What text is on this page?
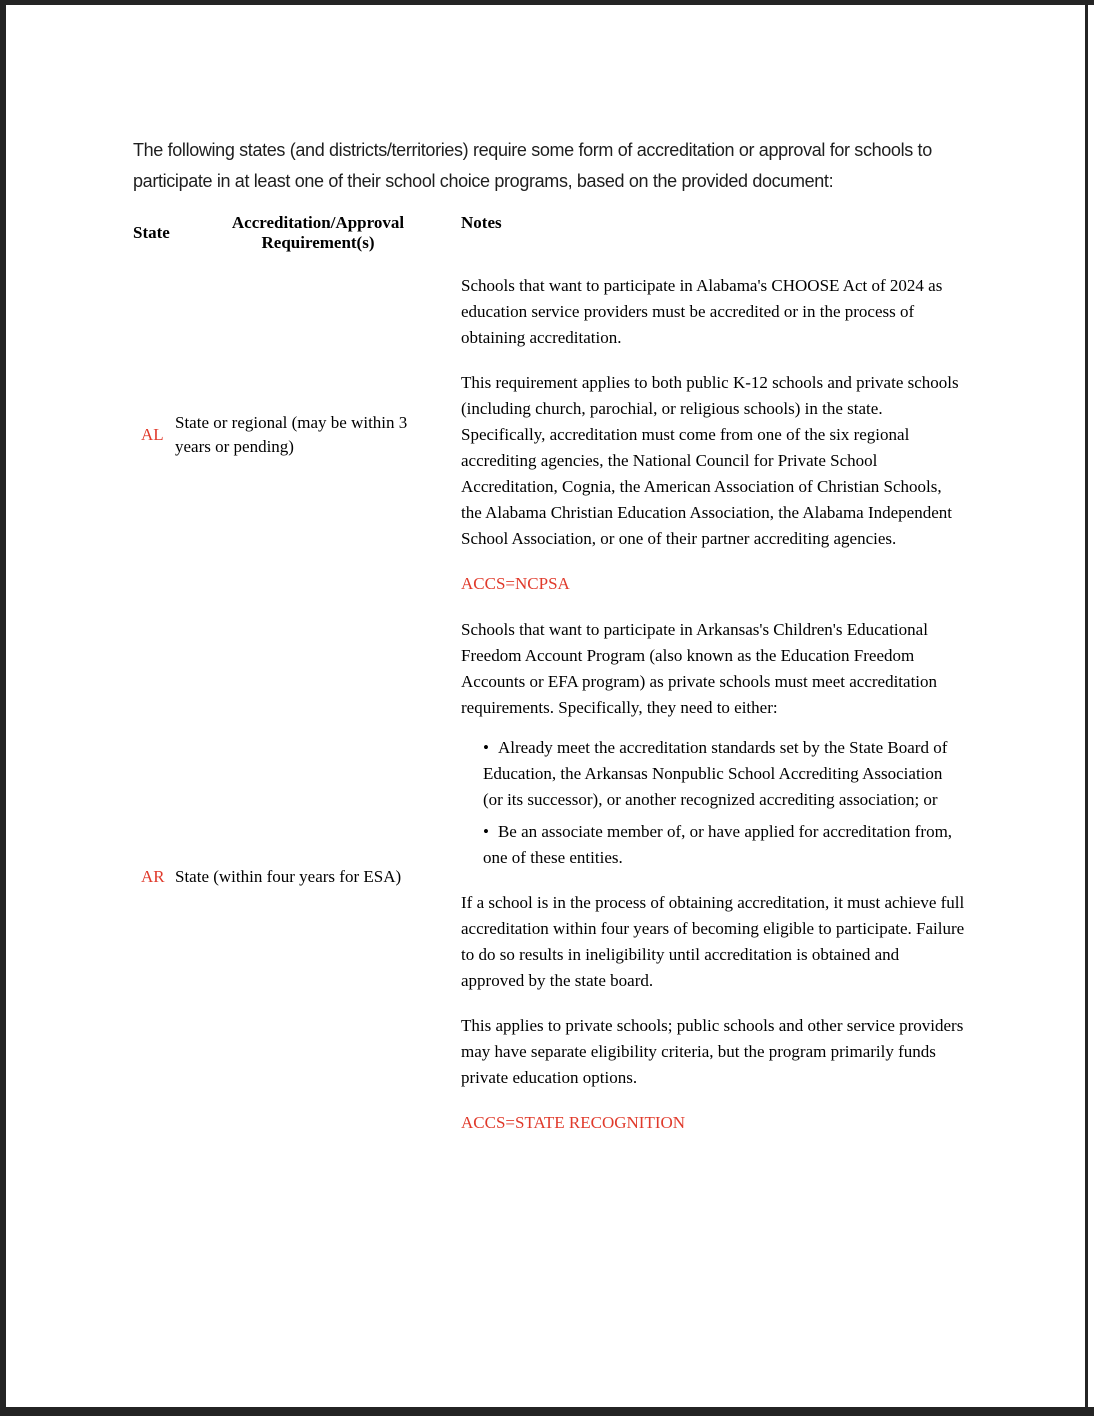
The following states (and districts/territories) require some form of accreditation or approval for schools to participate in at least one of their school choice programs, based on the provided document:

State
Accreditation/Approval Requirement(s)
Notes
AL
State or regional (may be within 3 years or pending)

Schools that want to participate in Alabama's CHOOSE Act of 2024 as education service providers must be accredited or in the process of obtaining accreditation.

This requirement applies to both public K-12 schools and private schools (including church, parochial, or religious schools) in the state. Specifically, accreditation must come from one of the six regional accrediting agencies, the National Council for Private School Accreditation, Cognia, the American Association of Christian Schools, the Alabama Christian Education Association, the Alabama Independent School Association, or one of their partner accrediting agencies.

ACCS=NCPSA

AR State (within four years for ESA)

Schools that want to participate in Arkansas's Children's Educational Freedom Account Program (also known as the Education Freedom Accounts or EFA program) as private schools must meet accreditation requirements. Specifically, they need to either:

• Already meet the accreditation standards set by the State Board of Education, the Arkansas Nonpublic School Accrediting Association (or its successor), or another recognized accrediting association; or

• Be an associate member of, or have applied for accreditation from, one of these entities.

If a school is in the process of obtaining accreditation, it must achieve full accreditation within four years of becoming eligible to participate. Failure to do so results in ineligibility until accreditation is obtained and approved by the state board.

This applies to private schools; public schools and other service providers may have separate eligibility criteria, but the program primarily funds private education options.

ACCS=STATE RECOGNITION
